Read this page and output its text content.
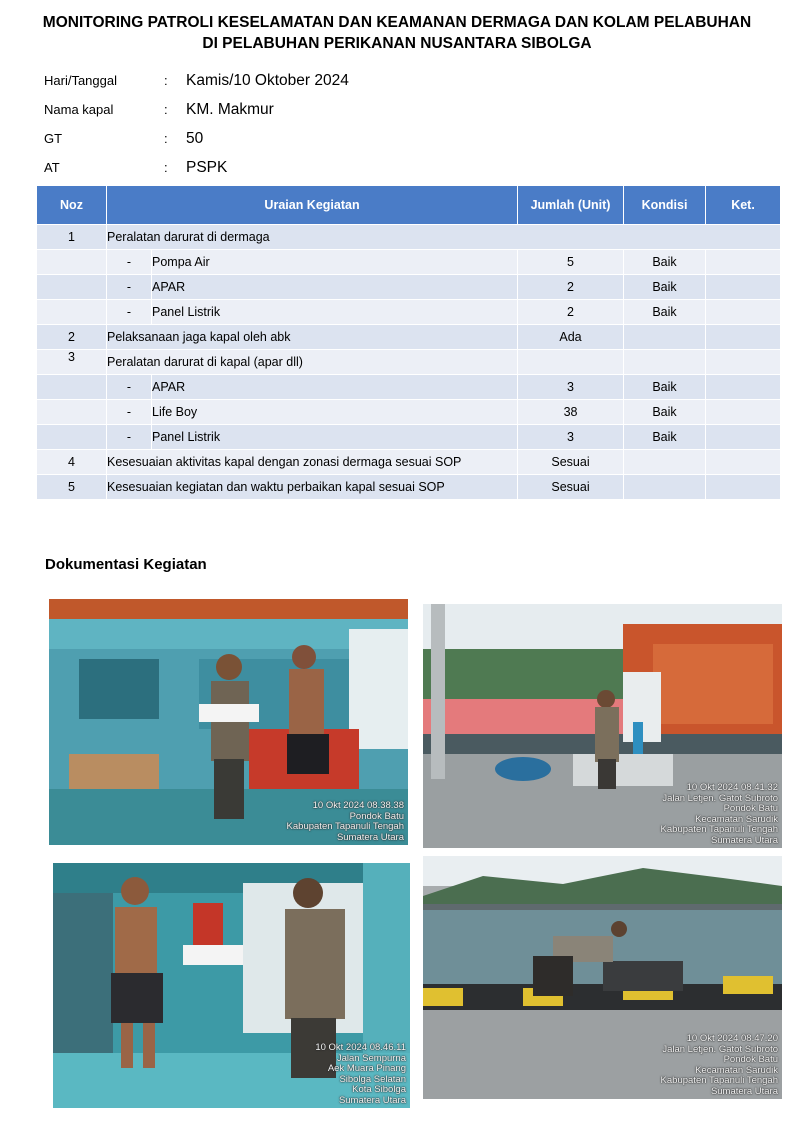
MONITORING PATROLI KESELAMATAN DAN KEAMANAN DERMAGA DAN KOLAM PELABUHAN
DI PELABUHAN PERIKANAN NUSANTARA SIBOLGA
Hari/Tanggal	:	Kamis/10 Oktober 2024
Nama kapal	:	KM. Makmur
GT	:	50
AT	:	PSPK
Noz	Uraian Kegiatan		Jumlah (Unit)	Kondisi	Ket.
1	Peralatan darurat di dermaga				
	-	Pompa Air	5	Baik	
	-	APAR	2	Baik	
	-	Panel Listrik	2	Baik	
2	Pelaksanaan jaga kapal oleh abk		Ada		
3	Peralatan darurat di kapal (apar dll)				
	-	APAR	3	Baik	
	-	Life Boy	38	Baik	
	-	Panel Listrik	3	Baik	
4	Kesesuaian aktivitas kapal dengan zonasi dermaga sesuai SOP		Sesuai		
5	Kesesuaian kegiatan dan waktu perbaikan kapal sesuai SOP		Sesuai		
Dokumentasi Kegiatan
10 Okt 2024 08.38.38
Pondok Batu
Kabupaten Tapanuli Tengah
Sumatera Utara
10 Okt 2024 08.41.32
Jalan Letjen. Gatot Subroto
Pondok Batu
Kecamatan Sarudik
Kabupaten Tapanuli Tengah
Sumatera Utara
10 Okt 2024 08.46.11
Jalan Sempurna
Aek Muara Pinang
Sibolga Selatan
Kota Sibolga
Sumatera Utara
10 Okt 2024 08.47.20
Jalan Letjen. Gatot Subroto
Pondok Batu
Kecamatan Sarudik
Kabupaten Tapanuli Tengah
Sumatera Utara
